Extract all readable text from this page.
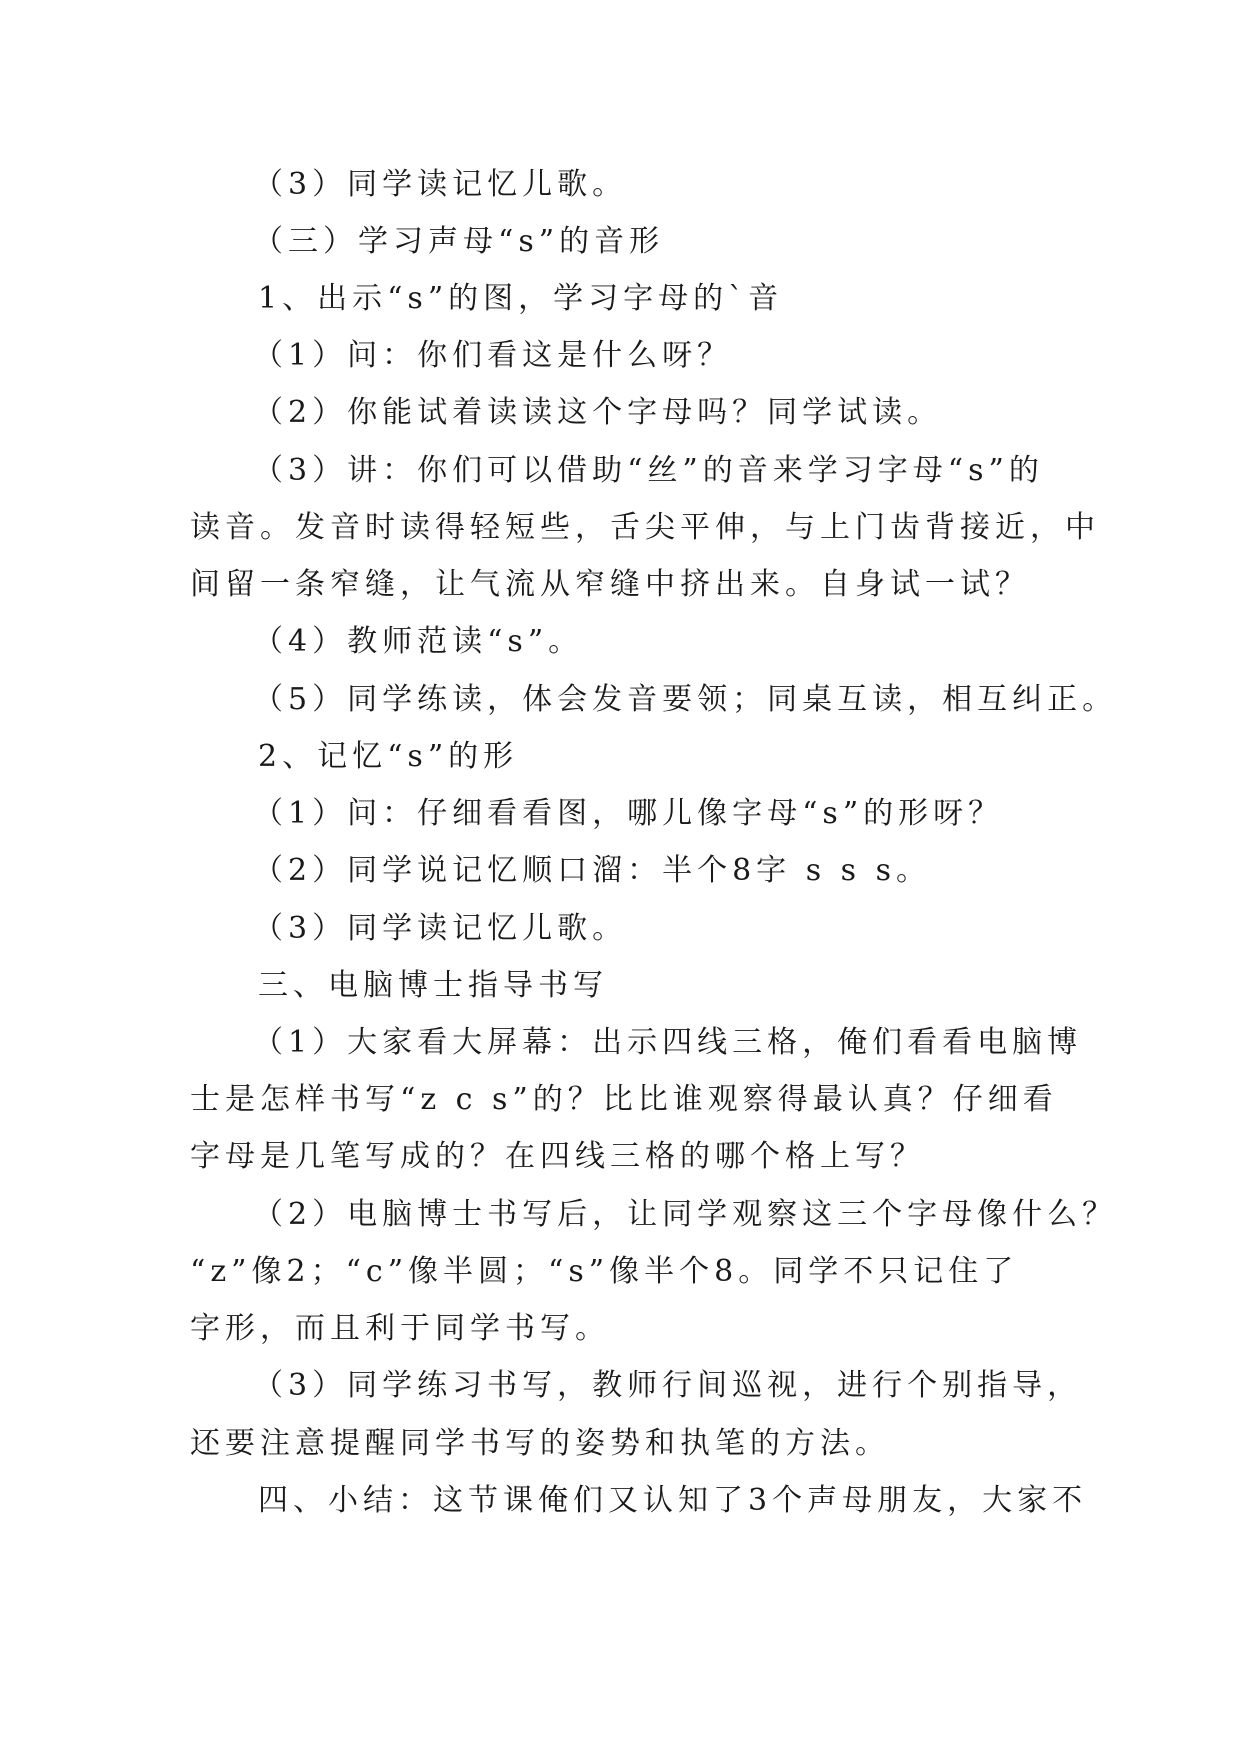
（3）同学读记忆儿歌。
（三）学习声母“s”的音形
1、出示“s”的图，学习字母的`音
（1）问：你们看这是什么呀？
（2）你能试着读读这个字母吗？同学试读。
（3）讲：你们可以借助“丝”的音来学习字母“s”的
读音。发音时读得轻短些，舌尖平伸，与上门齿背接近，中
间留一条窄缝，让气流从窄缝中挤出来。自身试一试？
（4）教师范读“s”。
（5）同学练读，体会发音要领；同桌互读，相互纠正。
2、记忆“s”的形
（1）问：仔细看看图，哪儿像字母“s”的形呀？
（2）同学说记忆顺口溜：半个8字 s s s。
（3）同学读记忆儿歌。
三、电脑博士指导书写
（1）大家看大屏幕：出示四线三格，俺们看看电脑博
士是怎样书写“z c s”的？比比谁观察得最认真？仔细看
字母是几笔写成的？在四线三格的哪个格上写？
（2）电脑博士书写后，让同学观察这三个字母像什么？
“z”像2；“c”像半圆；“s”像半个8。同学不只记住了
字形，而且利于同学书写。
（3）同学练习书写，教师行间巡视，进行个别指导，
还要注意提醒同学书写的姿势和执笔的方法。
四、小结：这节课俺们又认知了3个声母朋友，大家不
